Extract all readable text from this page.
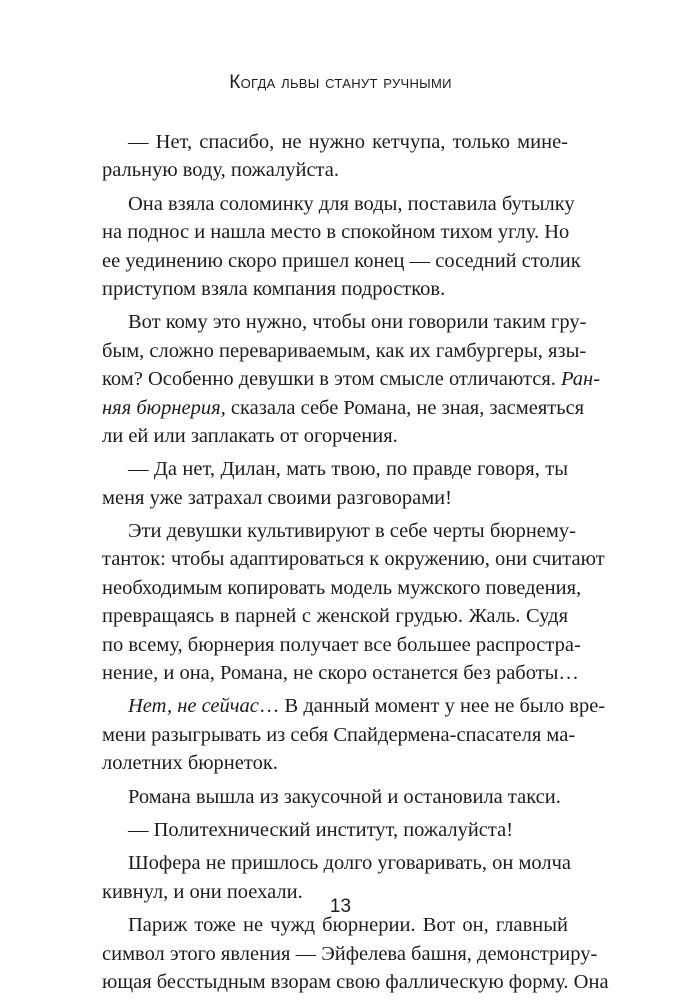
Когда львы станут ручными
— Нет, спасибо, не нужно кетчупа, только мине-
ральную воду, пожалуйста.
Она взяла соломинку для воды, поставила бутылку
на поднос и нашла место в спокойном тихом углу. Но
ее уединению скоро пришел конец — соседний столик
приступом взяла компания подростков.
Вот кому это нужно, чтобы они говорили таким гру-
бым, сложно перевариваемым, как их гамбургеры, язы-
ком? Особенно девушки в этом смысле отличаются. Ран-
няя бюрнерия, сказала себе Романа, не зная, засмеяться
ли ей или заплакать от огорчения.
— Да нет, Дилан, мать твою, по правде говоря, ты
меня уже затрахал своими разговорами!
Эти девушки культивируют в себе черты бюрнему-
танток: чтобы адаптироваться к окружению, они считают
необходимым копировать модель мужского поведения,
превращаясь в парней с женской грудью. Жаль. Судя
по всему, бюрнерия получает все большее распростра-
нение, и она, Романа, не скоро останется без работы…
Нет, не сейчас… В данный момент у нее не было вре-
мени разыгрывать из себя Спайдермена-спасателя ма-
лолетних бюрнеток.
Романа вышла из закусочной и остановила такси.
— Политехнический институт, пожалуйста!
Шофера не пришлось долго уговаривать, он молча
кивнул, и они поехали.
Париж тоже не чужд бюрнерии. Вот он, главный
символ этого явления — Эйфелева башня, демонстриру-
ющая бесстыдным взорам свою фаллическую форму. Она
13
